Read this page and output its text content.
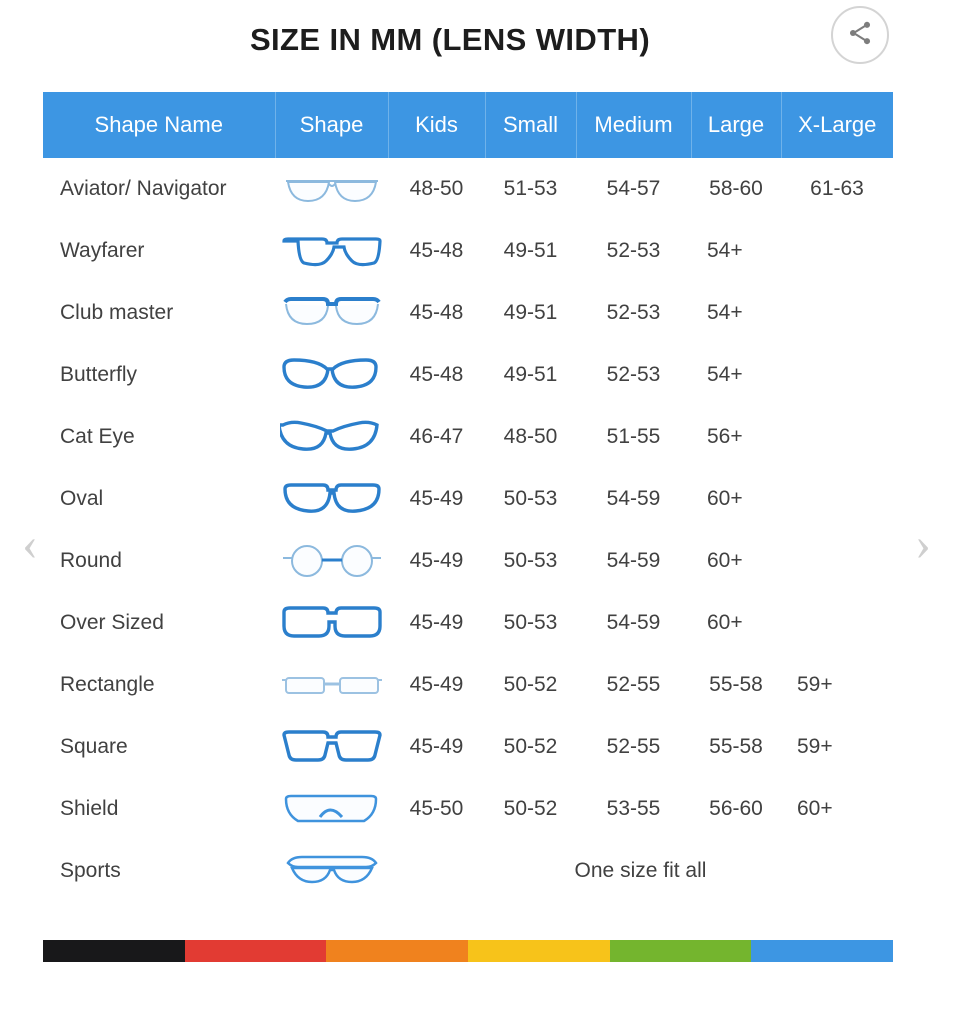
SIZE IN MM (LENS WIDTH)
Shape Name	Shape	Kids	Small	Medium	Large	X-Large
Aviator/ Navigator		48-50	51-53	54-57	58-60	61-63
Wayfarer		45-48	49-51	52-53	54+	
Club master		45-48	49-51	52-53	54+	
Butterfly		45-48	49-51	52-53	54+	
Cat Eye		46-47	48-50	51-55	56+	
Oval		45-49	50-53	54-59	60+	
Round		45-49	50-53	54-59	60+	
Over Sized		45-49	50-53	54-59	60+	
Rectangle		45-49	50-52	52-55	55-58	59+
Square		45-49	50-52	52-55	55-58	59+
Shield		45-50	50-52	53-55	56-60	60+
Sports		One size fit all				
‹	›
